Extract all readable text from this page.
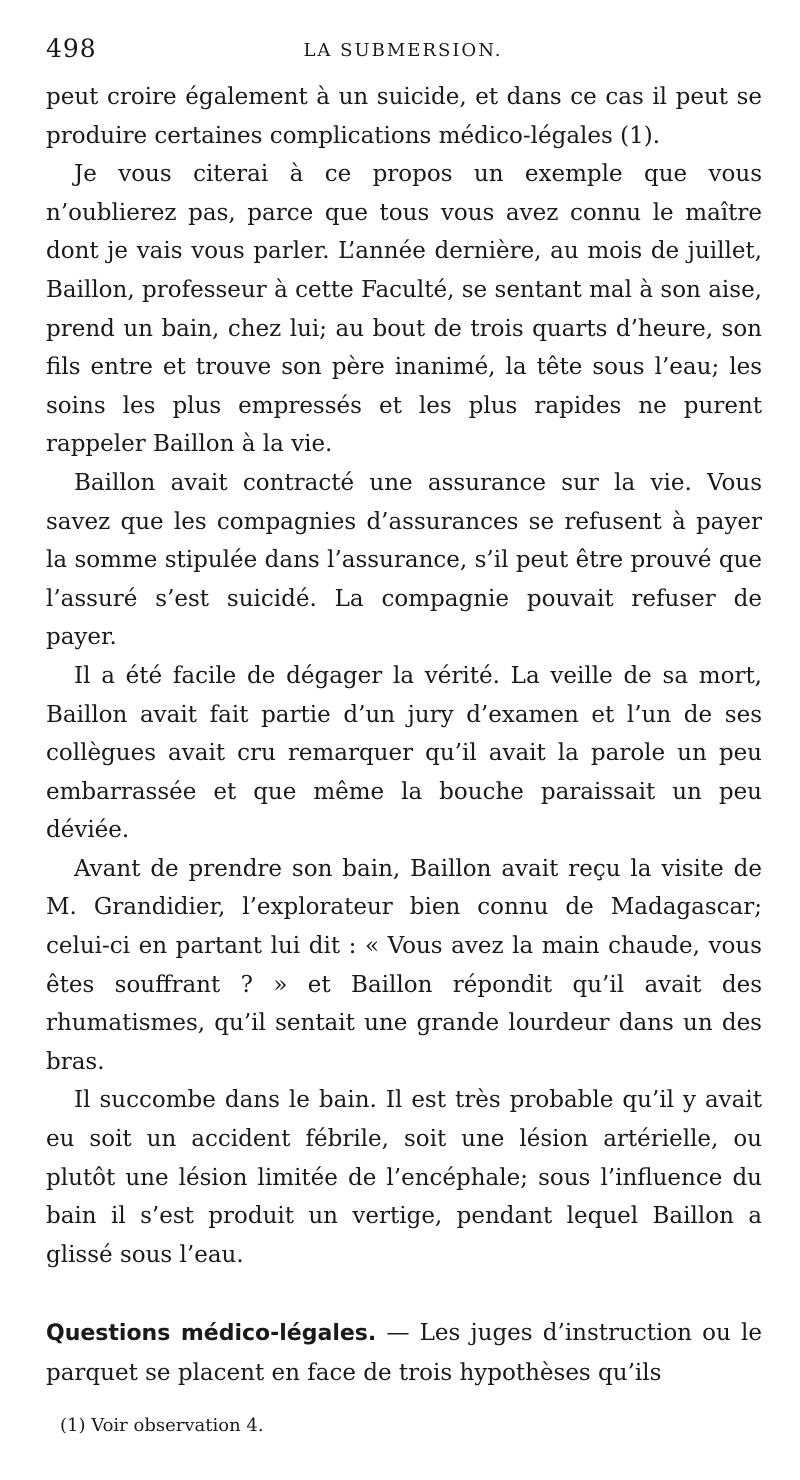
498	LA SUBMERSION.

peut croire également à un suicide, et dans ce cas il peut se produire certaines complications médico-légales (1).

Je vous citerai à ce propos un exemple que vous n’oublierez pas, parce que tous vous avez connu le maître dont je vais vous parler. L’année dernière, au mois de juillet, Baillon, professeur à cette Faculté, se sentant mal à son aise, prend un bain, chez lui; au bout de trois quarts d’heure, son fils entre et trouve son père inanimé, la tête sous l’eau; les soins les plus empressés et les plus rapides ne purent rappeler Baillon à la vie.

Baillon avait contracté une assurance sur la vie. Vous savez que les compagnies d’assurances se refusent à payer la somme stipulée dans l’assurance, s’il peut être prouvé que l’assuré s’est suicidé. La compagnie pouvait refuser de payer.

Il a été facile de dégager la vérité. La veille de sa mort, Baillon avait fait partie d’un jury d’examen et l’un de ses collègues avait cru remarquer qu’il avait la parole un peu embarrassée et que même la bouche paraissait un peu déviée.

Avant de prendre son bain, Baillon avait reçu la visite de M. Grandidier, l’explorateur bien connu de Madagascar; celui-ci en partant lui dit : « Vous avez la main chaude, vous êtes souffrant ? » et Baillon répondit qu’il avait des rhumatismes, qu’il sentait une grande lourdeur dans un des bras.

Il succombe dans le bain. Il est très probable qu’il y avait eu soit un accident fébrile, soit une lésion artérielle, ou plutôt une lésion limitée de l’encéphale; sous l’influence du bain il s’est produit un vertige, pendant lequel Baillon a glissé sous l’eau.

Questions médico-légales. — Les juges d’instruction ou le parquet se placent en face de trois hypothèses qu’ils

(1) Voir observation 4.
